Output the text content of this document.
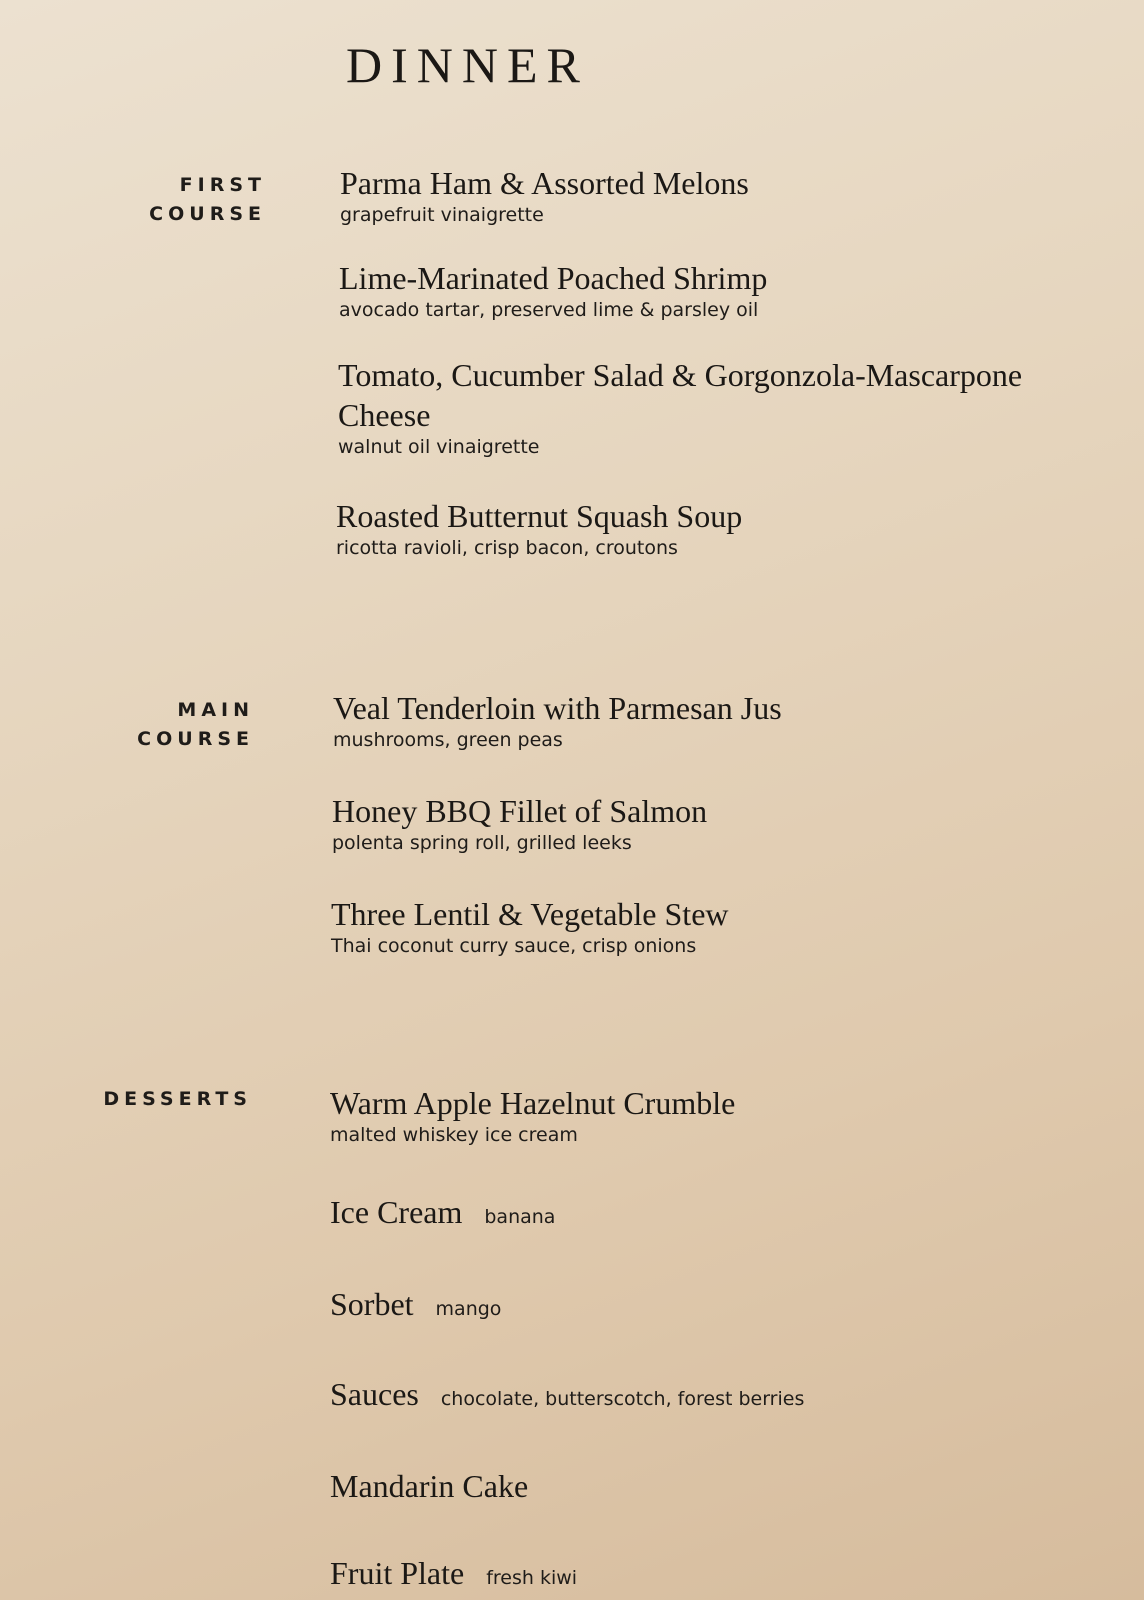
DINNER
FIRST
COURSE
Parma Ham & Assorted Melons
grapefruit vinaigrette
Lime-Marinated Poached Shrimp
avocado tartar, preserved lime & parsley oil
Tomato, Cucumber Salad & Gorgonzola-Mascarpone Cheese
walnut oil vinaigrette
Roasted Butternut Squash Soup
ricotta ravioli, crisp bacon, croutons
MAIN
COURSE
Veal Tenderloin with Parmesan Jus
mushrooms, green peas
Honey BBQ Fillet of Salmon
polenta spring roll, grilled leeks
Three Lentil & Vegetable Stew
Thai coconut curry sauce, crisp onions
DESSERTS Warm Apple Hazelnut Crumble
malted whiskey ice cream
Ice Cream banana
Sorbet mango
Sauces chocolate, butterscotch, forest berries
Mandarin Cake
Fruit Plate fresh kiwi
